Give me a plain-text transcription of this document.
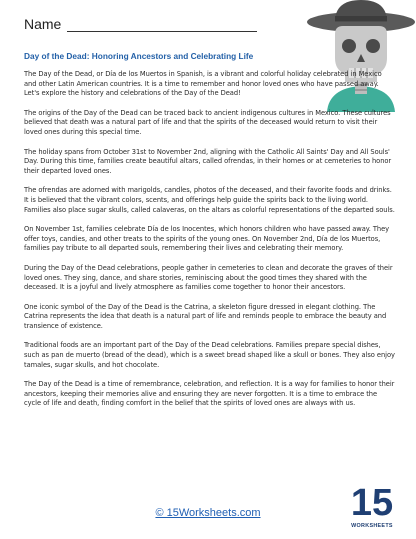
Name
Day of the Dead: Honoring Ancestors and Celebrating Life

The Day of the Dead, or Día de los Muertos in Spanish, is a vibrant and colorful holiday celebrated in Mexico and other Latin American countries. It is a time to remember and honor loved ones who have passed away. Let's explore the history and celebrations of the Day of the Dead!

The origins of the Day of the Dead can be traced back to ancient indigenous cultures in Mexico. These cultures believed that death was a natural part of life and that the spirits of the deceased would return to visit their loved ones during this special time.

The holiday spans from October 31st to November 2nd, aligning with the Catholic All Saints' Day and All Souls' Day. During this time, families create beautiful altars, called ofrendas, in their homes or at cemeteries to honor their departed loved ones.

The ofrendas are adorned with marigolds, candles, photos of the deceased, and their favorite foods and drinks. It is believed that the vibrant colors, scents, and offerings help guide the spirits back to the living world. Families also place sugar skulls, called calaveras, on the altars as colorful representations of the departed souls.

On November 1st, families celebrate Día de los Inocentes, which honors children who have passed away. They offer toys, candies, and other treats to the spirits of the young ones. On November 2nd, Día de los Muertos, families pay tribute to all departed souls, remembering their lives and celebrating their memory.

During the Day of the Dead celebrations, people gather in cemeteries to clean and decorate the graves of their loved ones. They sing, dance, and share stories, reminiscing about the good times they shared with the deceased. It is a joyful and lively atmosphere as families come together to honor their ancestors.

One iconic symbol of the Day of the Dead is the Catrina, a skeleton figure dressed in elegant clothing. The Catrina represents the idea that death is a natural part of life and reminds people to embrace the beauty and transience of existence.

Traditional foods are an important part of the Day of the Dead celebrations. Families prepare special dishes, such as pan de muerto (bread of the dead), which is a sweet bread shaped like a skull or bones. They also enjoy tamales, sugar skulls, and hot chocolate.

The Day of the Dead is a time of remembrance, celebration, and reflection. It is a way for families to honor their ancestors, keeping their memories alive and ensuring they are never forgotten. It is a time to embrace the cycle of life and death, finding comfort in the belief that the spirits of loved ones are always with us.

© 15Worksheets.com	15
WORKSHEETS
